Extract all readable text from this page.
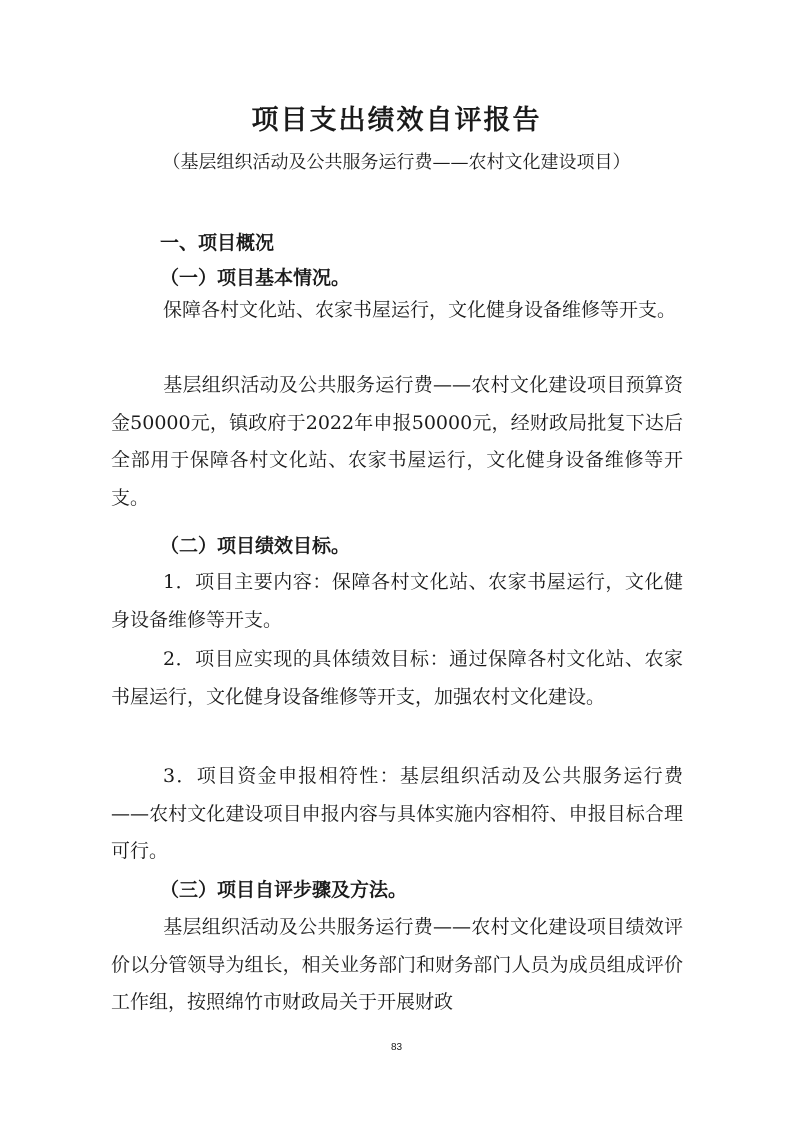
项目支出绩效自评报告
（基层组织活动及公共服务运行费——农村文化建设项目）
一、项目概况
（一）项目基本情况。

保障各村文化站、农家书屋运行，文化健身设备维修等开支。

基层组织活动及公共服务运行费——农村文化建设项目预算资金50000元，镇政府于2022年申报50000元，经财政局批复下达后全部用于保障各村文化站、农家书屋运行，文化健身设备维修等开支。

（二）项目绩效目标。

1．项目主要内容：保障各村文化站、农家书屋运行，文化健身设备维修等开支。

2．项目应实现的具体绩效目标：通过保障各村文化站、农家书屋运行，文化健身设备维修等开支，加强农村文化建设。

3．项目资金申报相符性：基层组织活动及公共服务运行费——农村文化建设项目申报内容与具体实施内容相符、申报目标合理可行。

（三）项目自评步骤及方法。

基层组织活动及公共服务运行费——农村文化建设项目绩效评价以分管领导为组长，相关业务部门和财务部门人员为成员组成评价工作组，按照绵竹市财政局关于开展财政

83
